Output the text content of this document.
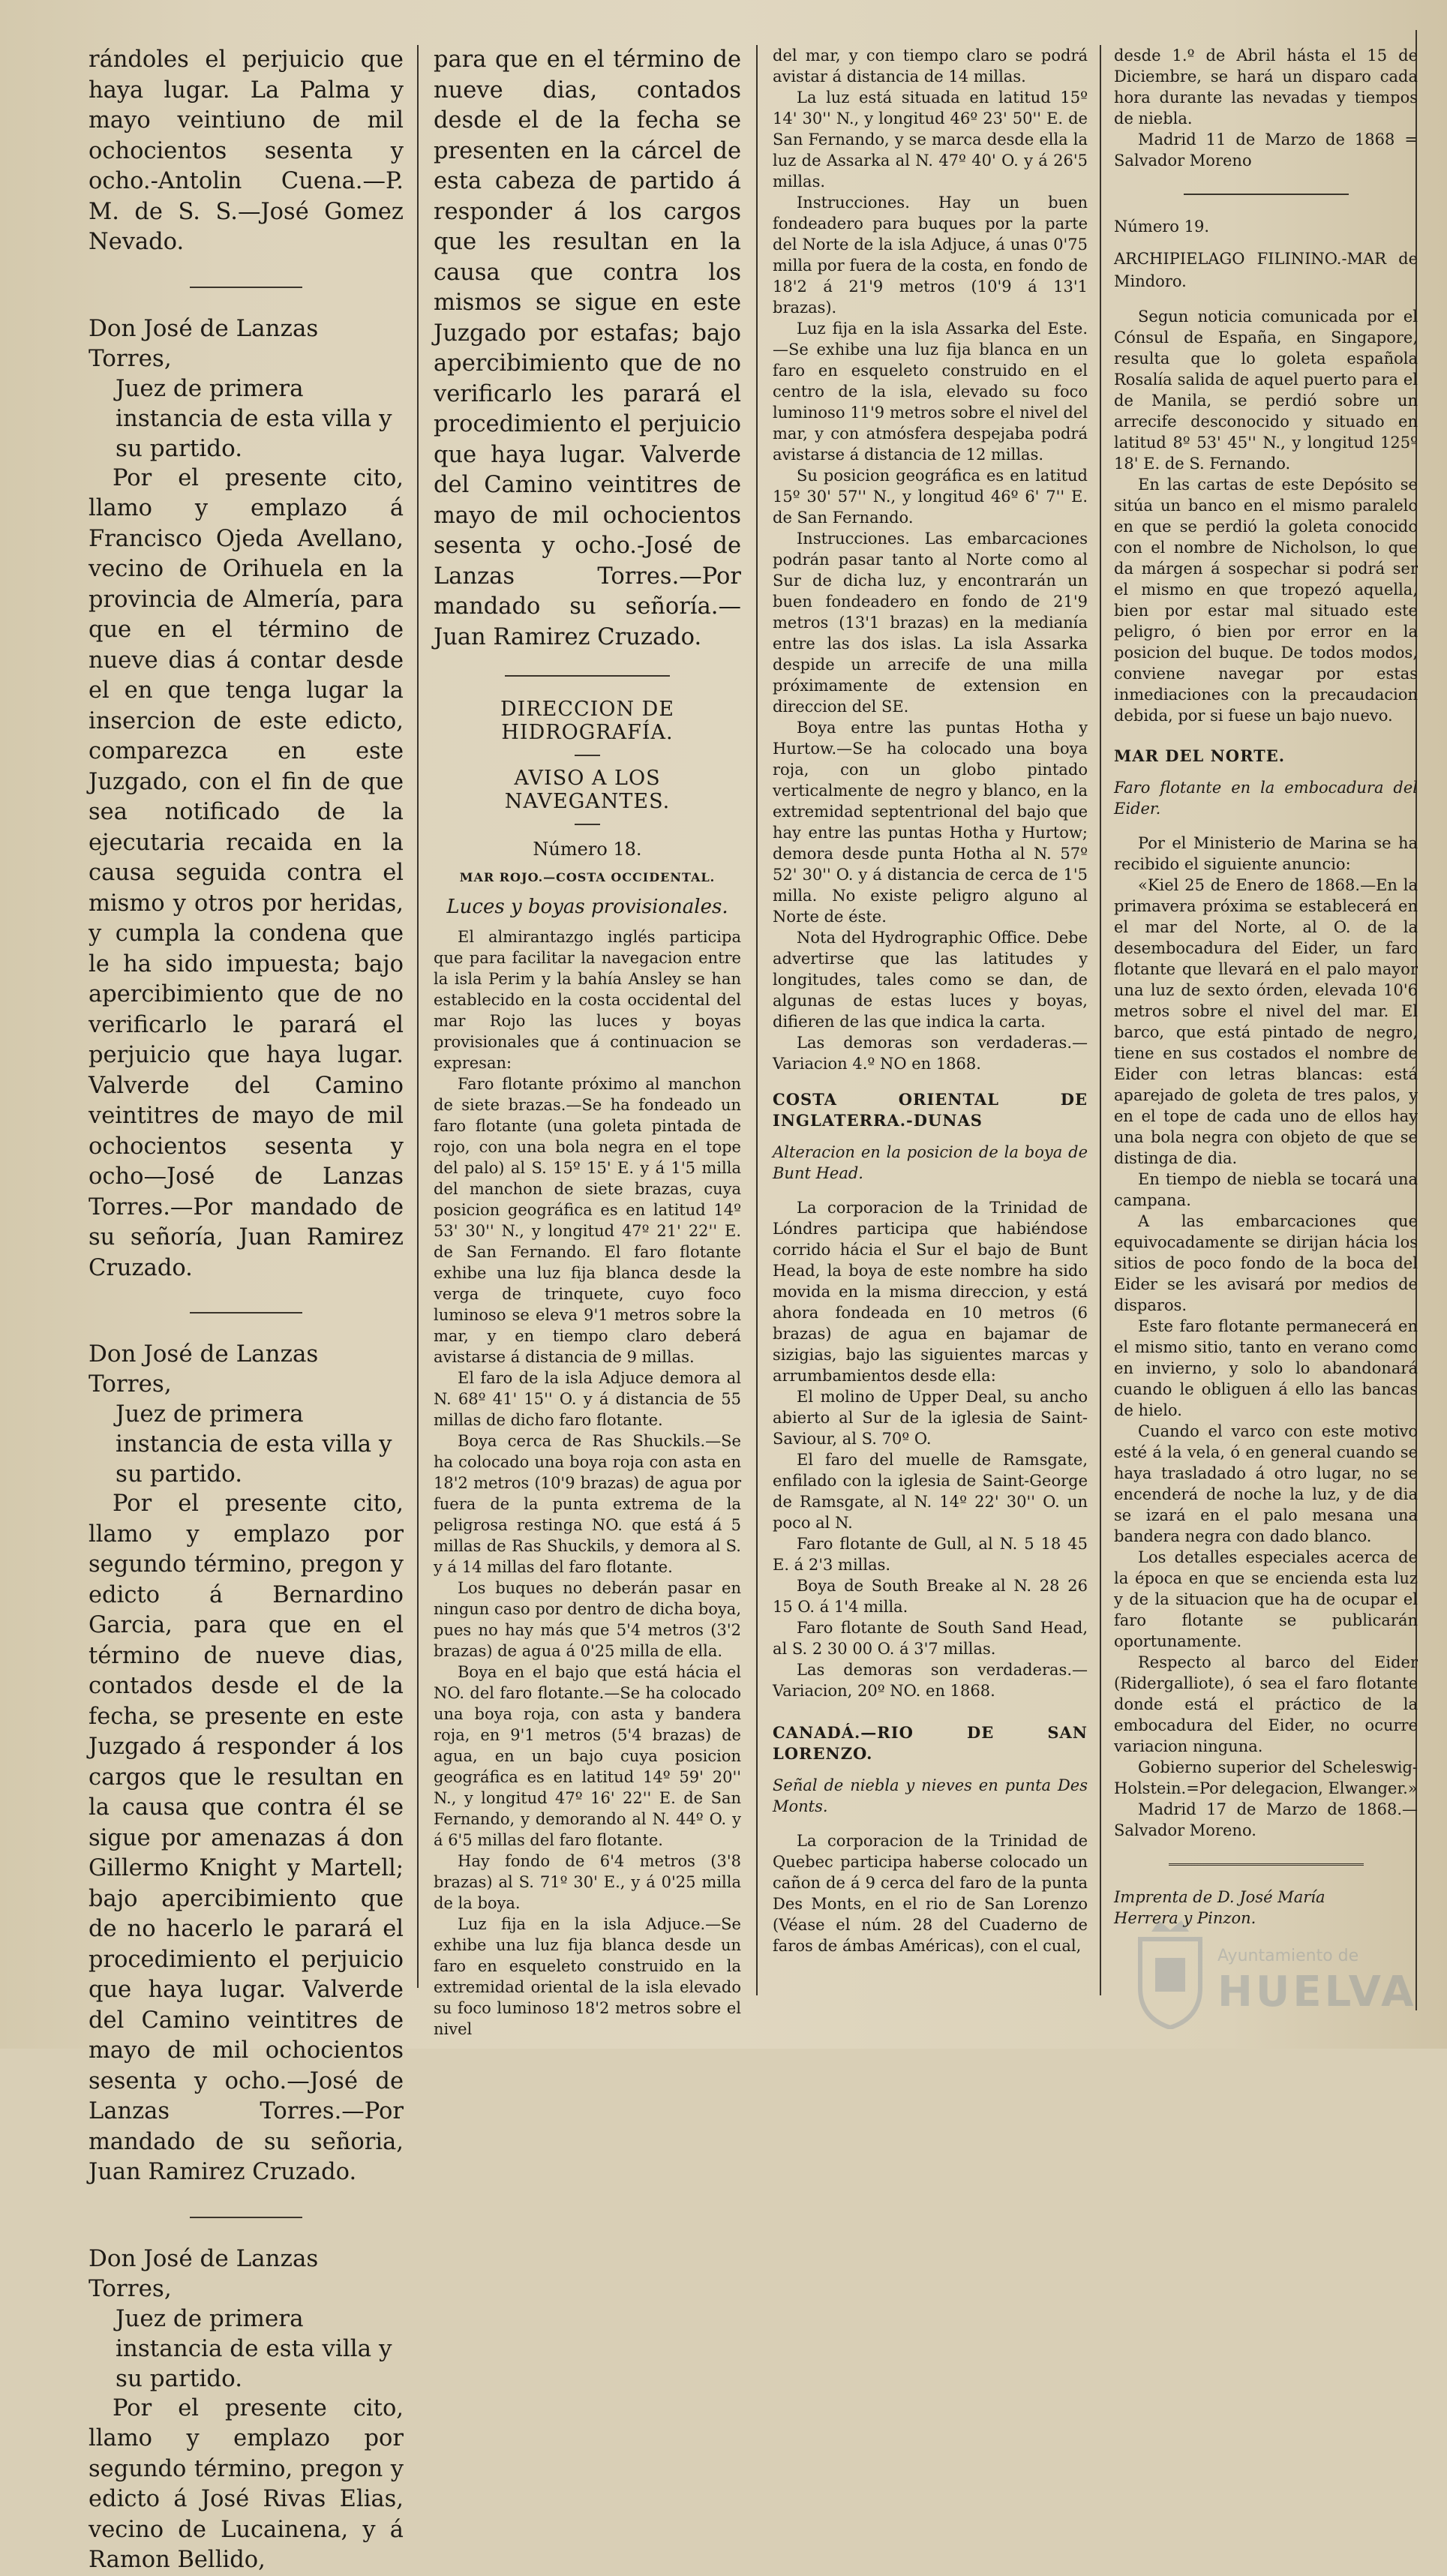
rándoles el perjuicio que haya lugar. La Palma y mayo veintiuno de mil ochocientos sesenta y ocho.-Antolin Cuena.—P. M. de S. S.—José Gomez Nevado.

Don José de Lanzas Torres,

Juez de primera instancia de esta villa y su partido.

Por el presente cito, llamo y emplazo á Francisco Ojeda Avellano, vecino de Orihuela en la provincia de Almería, para que en el término de nueve dias á contar desde el en que tenga lugar la insercion de este edicto, comparezca en este Juzgado, con el fin de que sea notificado de la ejecutaria recaida en la causa seguida contra el mismo y otros por heridas, y cumpla la condena que le ha sido impuesta; bajo apercibimiento que de no verificarlo le parará el perjuicio que haya lugar. Valverde del Camino veintitres de mayo de mil ochocientos sesenta y ocho—José de Lanzas Torres.—Por mandado de su señoría, Juan Ramirez Cruzado.

Don José de Lanzas Torres,

Juez de primera instancia de esta villa y su partido.

Por el presente cito, llamo y emplazo por segundo término, pregon y edicto á Bernardino Garcia, para que en el término de nueve dias, contados desde el de la fecha, se presente en este Juzgado á responder á los cargos que le resultan en la causa que contra él se sigue por amenazas á don Gillermo Knight y Martell; bajo apercibimiento que de no hacerlo le parará el procedimiento el perjuicio que haya lugar. Valverde del Camino veintitres de mayo de mil ochocientos sesenta y ocho.—José de Lanzas Torres.—Por mandado de su señoria, Juan Ramirez Cruzado.

Don José de Lanzas Torres,

Juez de primera instancia de esta villa y su partido.

Por el presente cito, llamo y emplazo por segundo término, pregon y edicto á José Rivas Elias, vecino de Lucainena, y á Ramon Bellido,

para que en el término de nueve dias, contados desde el de la fecha se presenten en la cárcel de esta cabeza de partido á responder á los cargos que les resultan en la causa que contra los mismos se sigue en este Juzgado por estafas; bajo apercibimiento que de no verificarlo les parará el procedimiento el perjuicio que haya lugar. Valverde del Camino veintitres de mayo de mil ochocientos sesenta y ocho.-José de Lanzas Torres.—Por mandado su señoría.—Juan Ramirez Cruzado.

DIRECCION DE HIDROGRAFÍA.

AVISO A LOS NAVEGANTES.

Número 18.

MAR ROJO.—COSTA OCCIDENTAL.

Luces y boyas provisionales.

El almirantazgo inglés participa que para facilitar la navegacion entre la isla Perim y la bahía Ansley se han establecido en la costa occidental del mar Rojo las luces y boyas provisionales que á continuacion se expresan:

Faro flotante próximo al manchon de siete brazas.—Se ha fondeado un faro flotante (una goleta pintada de rojo, con una bola negra en el tope del palo) al S. 15º 15' E. y á 1'5 milla del manchon de siete brazas, cuya posicion geográfica es en latitud 14º 53' 30'' N., y longitud 47º 21' 22'' E. de San Fernando. El faro flotante exhibe una luz fija blanca desde la verga de trinquete, cuyo foco luminoso se eleva 9'1 metros sobre la mar, y en tiempo claro deberá avistarse á distancia de 9 millas.

El faro de la isla Adjuce demora al N. 68º 41' 15'' O. y á distancia de 55 millas de dicho faro flotante.

Boya cerca de Ras Shuckils.—Se ha colocado una boya roja con asta en 18'2 metros (10'9 brazas) de agua por fuera de la punta extrema de la peligrosa restinga NO. que está á 5 millas de Ras Shuckils, y demora al S. y á 14 millas del faro flotante.

Los buques no deberán pasar en ningun caso por dentro de dicha boya, pues no hay más que 5'4 metros (3'2 brazas) de agua á 0'25 milla de ella.

Boya en el bajo que está hácia el NO. del faro flotante.—Se ha colocado una boya roja, con asta y bandera roja, en 9'1 metros (5'4 brazas) de agua, en un bajo cuya posicion geográfica es en latitud 14º 59' 20'' N., y longitud 47º 16' 22'' E. de San Fernando, y demorando al N. 44º O. y á 6'5 millas del faro flotante.

Hay fondo de 6'4 metros (3'8 brazas) al S. 71º 30' E., y á 0'25 milla de la boya.

Luz fija en la isla Adjuce.—Se exhibe una luz fija blanca desde un faro en esqueleto construido en la extremidad oriental de la isla elevado su foco luminoso 18'2 metros sobre el nivel

del mar, y con tiempo claro se podrá avistar á distancia de 14 millas.

La luz está situada en latitud 15º 14' 30'' N., y longitud 46º 23' 50'' E. de San Fernando, y se marca desde ella la luz de Assarka al N. 47º 40' O. y á 26'5 millas.

Instrucciones. Hay un buen fondeadero para buques por la parte del Norte de la isla Adjuce, á unas 0'75 milla por fuera de la costa, en fondo de 18'2 á 21'9 metros (10'9 á 13'1 brazas).

Luz fija en la isla Assarka del Este.—Se exhibe una luz fija blanca en un faro en esqueleto construido en el centro de la isla, elevado su foco luminoso 11'9 metros sobre el nivel del mar, y con atmósfera despejaba podrá avistarse á distancia de 12 millas.

Su posicion geográfica es en latitud 15º 30' 57'' N., y longitud 46º 6' 7'' E. de San Fernando.

Instrucciones. Las embarcaciones podrán pasar tanto al Norte como al Sur de dicha luz, y encontrarán un buen fondeadero en fondo de 21'9 metros (13'1 brazas) en la medianía entre las dos islas. La isla Assarka despide un arrecife de una milla próximamente de extension en direccion del SE.

Boya entre las puntas Hotha y Hurtow.—Se ha colocado una boya roja, con un globo pintado verticalmente de negro y blanco, en la extremidad septentrional del bajo que hay entre las puntas Hotha y Hurtow; demora desde punta Hotha al N. 57º 52' 30'' O. y á distancia de cerca de 1'5 milla. No existe peligro alguno al Norte de éste.

Nota del Hydrographic Office. Debe advertirse que las latitudes y longitudes, tales como se dan, de algunas de estas luces y boyas, difieren de las que indica la carta.

Las demoras son verdaderas.—Variacion 4.º NO en 1868.

COSTA ORIENTAL DE INGLATERRA.-DUNAS

Alteracion en la posicion de la boya de Bunt Head.

La corporacion de la Trinidad de Lóndres participa que habiéndose corrido hácia el Sur el bajo de Bunt Head, la boya de este nombre ha sido movida en la misma direccion, y está ahora fondeada en 10 metros (6 brazas) de agua en bajamar de sizigias, bajo las siguientes marcas y arrumbamientos desde ella:

El molino de Upper Deal, su ancho abierto al Sur de la iglesia de Saint-Saviour, al S. 70º O.

El faro del muelle de Ramsgate, enfilado con la iglesia de Saint-George de Ramsgate, al N. 14º 22' 30'' O. un poco al N.

Faro flotante de Gull, al N. 5 18 45 E. á 2'3 millas.

Boya de South Breake al N. 28 26 15 O. á 1'4 milla.

Faro flotante de South Sand Head, al S. 2 30 00 O. á 3'7 millas.

Las demoras son verdaderas.—Variacion, 20º NO. en 1868.

CANADÁ.—RIO DE SAN LORENZO.

Señal de niebla y nieves en punta Des Monts.

La corporacion de la Trinidad de Quebec participa haberse colocado un cañon de á 9 cerca del faro de la punta Des Monts, en el rio de San Lorenzo (Véase el núm. 28 del Cuaderno de faros de ámbas Américas), con el cual,

desde 1.º de Abril hásta el 15 de Diciembre, se hará un disparo cada hora durante las nevadas y tiempos de niebla.

Madrid 11 de Marzo de 1868 = Salvador Moreno

Número 19.

ARCHIPIELAGO FILININO.-MAR de Mindoro.

Segun noticia comunicada por el Cónsul de España, en Singapore, resulta que lo goleta española Rosalía salida de aquel puerto para el de Manila, se perdió sobre un arrecife desconocido y situado en latitud 8º 53' 45'' N., y longitud 125º 18' E. de S. Fernando.

En las cartas de este Depósito se sitúa un banco en el mismo paralelo en que se perdió la goleta conocido con el nombre de Nicholson, lo que da márgen á sospechar si podrá ser el mismo en que tropezó aquella, bien por estar mal situado este peligro, ó bien por error en la posicion del buque. De todos modos, conviene navegar por estas inmediaciones con la precaudacion debida, por si fuese un bajo nuevo.

MAR DEL NORTE.

Faro flotante en la embocadura del Eider.

Por el Ministerio de Marina se ha recibido el siguiente anuncio:

«Kiel 25 de Enero de 1868.—En la primavera próxima se establecerá en el mar del Norte, al O. de la desembocadura del Eider, un faro flotante que llevará en el palo mayor una luz de sexto órden, elevada 10'6 metros sobre el nivel del mar. El barco, que está pintado de negro, tiene en sus costados el nombre de Eider con letras blancas: está aparejado de goleta de tres palos, y en el tope de cada uno de ellos hay una bola negra con objeto de que se distinga de dia.

En tiempo de niebla se tocará una campana.

A las embarcaciones que equivocadamente se dirijan hácia los sitios de poco fondo de la boca del Eider se les avisará por medios de disparos.

Este faro flotante permanecerá en el mismo sitio, tanto en verano como en invierno, y solo lo abandonará cuando le obliguen á ello las bancas de hielo.

Cuando el varco con este motivo esté á la vela, ó en general cuando se haya trasladado á otro lugar, no se encenderá de noche la luz, y de dia se izará en el palo mesana una bandera negra con dado blanco.

Los detalles especiales acerca de la época en que se encienda esta luz y de la situacion que ha de ocupar el faro flotante se publicarán oportunamente.

Respecto al barco del Eider (Ridergalliote), ó sea el faro flotante donde está el práctico de la embocadura del Eider, no ocurre variacion ninguna.

Gobierno superior del Scheleswig-Holstein.=Por delegacion, Elwanger.»

Madrid 17 de Marzo de 1868.—Salvador Moreno.

Imprenta de D. José María

Herrera y Pinzon.

Ayuntamiento de
HUELVA
